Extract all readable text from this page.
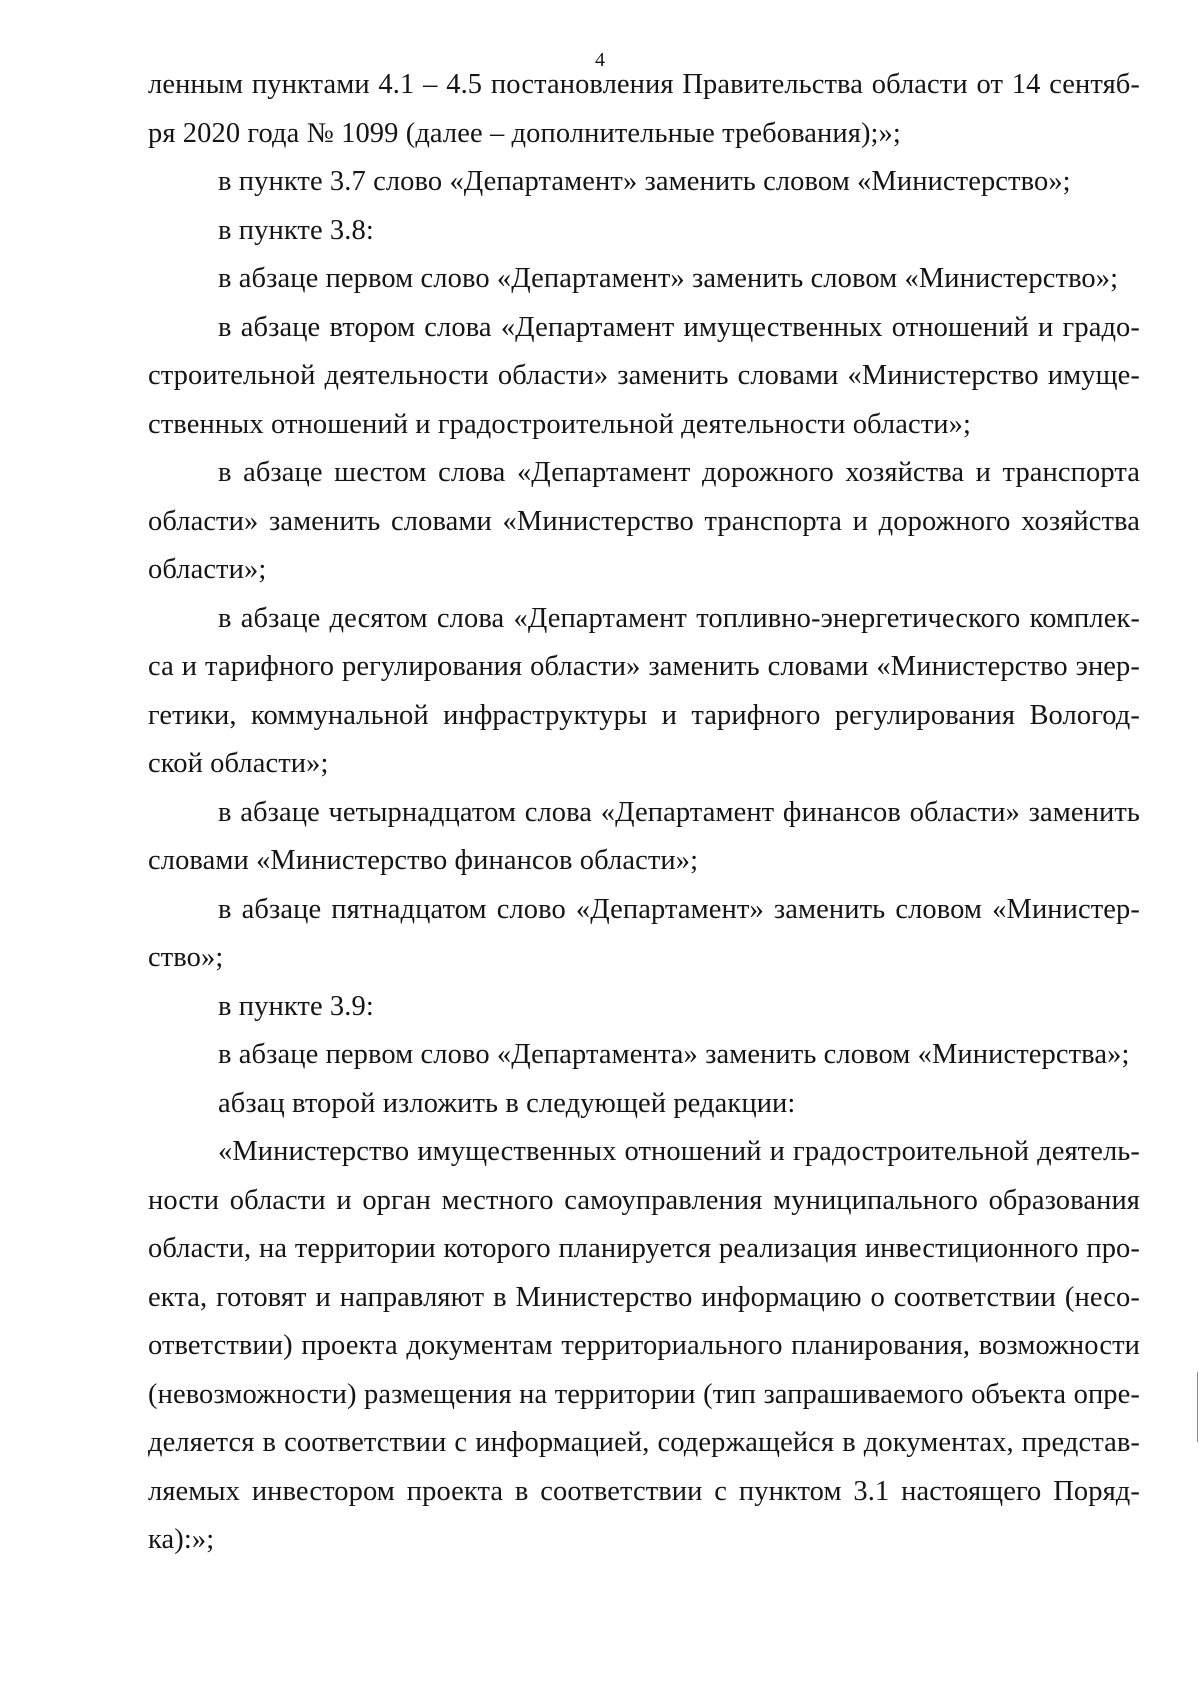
4
ленным пунктами 4.1 – 4.5 постановления Правительства области от 14 сентяб-
ря 2020 года № 1099 (далее – дополнительные требования);»;
в пункте 3.7 слово «Департамент» заменить словом «Министерство»;
в пункте 3.8:
в абзаце первом слово «Департамент» заменить словом «Министерство»;
в абзаце втором слова «Департамент имущественных отношений и градо-
строительной деятельности области» заменить словами «Министерство имуще-
ственных отношений и градостроительной деятельности области»;
в абзаце шестом слова «Департамент дорожного хозяйства и транспорта
области» заменить словами «Министерство транспорта и дорожного хозяйства
области»;
в абзаце десятом слова «Департамент топливно-энергетического комплек-
са и тарифного регулирования области» заменить словами «Министерство энер-
гетики, коммунальной инфраструктуры и тарифного регулирования Вологод-
ской области»;
в абзаце четырнадцатом слова «Департамент финансов области» заменить
словами «Министерство финансов области»;
в абзаце пятнадцатом слово «Департамент» заменить словом «Министер-
ство»;
в пункте 3.9:
в абзаце первом слово «Департамента» заменить словом «Министерства»;
абзац второй изложить в следующей редакции:
«Министерство имущественных отношений и градостроительной деятель-
ности области и орган местного самоуправления муниципального образования
области, на территории которого планируется реализация инвестиционного про-
екта, готовят и направляют в Министерство информацию о соответствии (несо-
ответствии) проекта документам территориального планирования, возможности
(невозможности) размещения на территории (тип запрашиваемого объекта опре-
деляется в соответствии с информацией, содержащейся в документах, представ-
ляемых инвестором проекта в соответствии с пунктом 3.1 настоящего Поряд-
ка):»;
